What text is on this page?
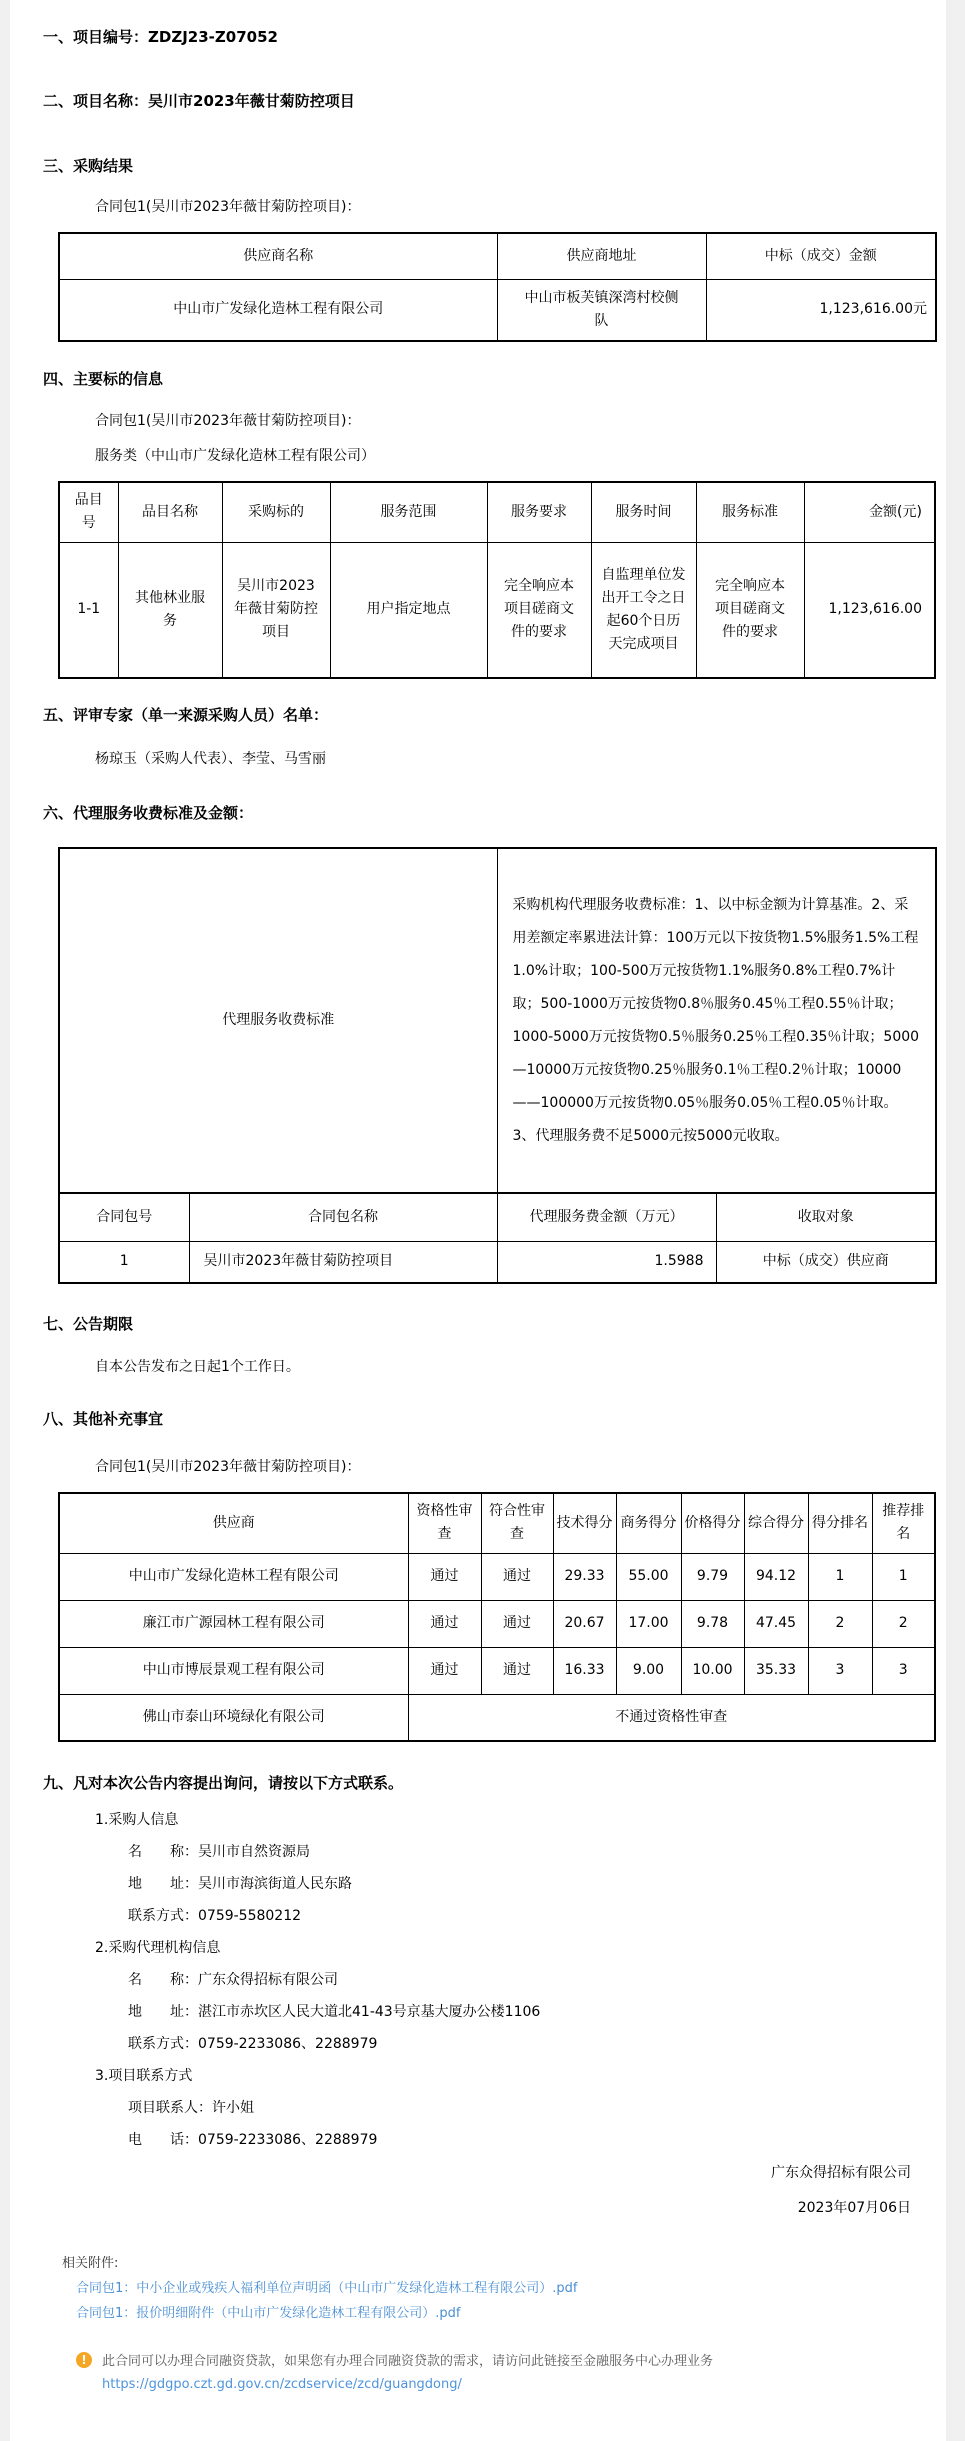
一、项目编号：ZDZJ23-Z07052
二、项目名称：吴川市2023年薇甘菊防控项目
三、采购结果
合同包1(吴川市2023年薇甘菊防控项目)：
供应商名称	供应商地址	中标（成交）金额
中山市广发绿化造林工程有限公司	中山市板芙镇深湾村校侧队	1,123,616.00元
四、主要标的信息
合同包1(吴川市2023年薇甘菊防控项目)：
服务类（中山市广发绿化造林工程有限公司）
品目号	品目名称	采购标的	服务范围	服务要求	服务时间	服务标准	金额(元)
1-1	其他林业服务	吴川市2023年薇甘菊防控项目	用户指定地点	完全响应本项目磋商文件的要求	自监理单位发出开工令之日起60个日历天完成项目	完全响应本项目磋商文件的要求	1,123,616.00
五、评审专家（单一来源采购人员）名单：
杨琼玉（采购人代表）、李莹、马雪丽
六、代理服务收费标准及金额：
代理服务收费标准	采购机构代理服务收费标准：1、以中标金额为计算基准。2、采用差额定率累进法计算：100万元以下按货物1.5%服务1.5%工程1.0%计取；100-500万元按货物1.1%服务0.8%工程0.7%计取；500-1000万元按货物0.8％服务0.45％工程0.55％计取；1000-5000万元按货物0.5％服务0.25％工程0.35％计取；5000—10000万元按货物0.25％服务0.1％工程0.2％计取；10000——100000万元按货物0.05％服务0.05％工程0.05％计取。3、代理服务费不足5000元按5000元收取。
合同包号	合同包名称	代理服务费金额（万元）	收取对象
1	吴川市2023年薇甘菊防控项目	1.5988	中标（成交）供应商
七、公告期限
自本公告发布之日起1个工作日。
八、其他补充事宜
合同包1(吴川市2023年薇甘菊防控项目)：
供应商	资格性审查	符合性审查	技术得分	商务得分	价格得分	综合得分	得分排名	推荐排名
中山市广发绿化造林工程有限公司	通过	通过	29.33	55.00	9.79	94.12	1	1
廉江市广源园林工程有限公司	通过	通过	20.67	17.00	9.78	47.45	2	2
中山市博辰景观工程有限公司	通过	通过	16.33	9.00	10.00	35.33	3	3
佛山市泰山环境绿化有限公司	不通过资格性审查							
九、凡对本次公告内容提出询问，请按以下方式联系。
1.采购人信息
名　　称：吴川市自然资源局
地　　址：吴川市海滨街道人民东路
联系方式：0759-5580212
2.采购代理机构信息
名　　称：广东众得招标有限公司
地　　址：湛江市赤坎区人民大道北41-43号京基大厦办公楼1106
联系方式：0759-2233086、2288979
3.项目联系方式
项目联系人：许小姐
电　　话：0759-2233086、2288979
广东众得招标有限公司
2023年07月06日
相关附件:
合同包1：中小企业或残疾人福利单位声明函（中山市广发绿化造林工程有限公司）.pdf
合同包1：报价明细附件（中山市广发绿化造林工程有限公司）.pdf
!	此合同可以办理合同融资贷款，如果您有办理合同融资贷款的需求，请访问此链接至金融服务中心办理业务
https://gdgpo.czt.gd.gov.cn/zcdservice/zcd/guangdong/
